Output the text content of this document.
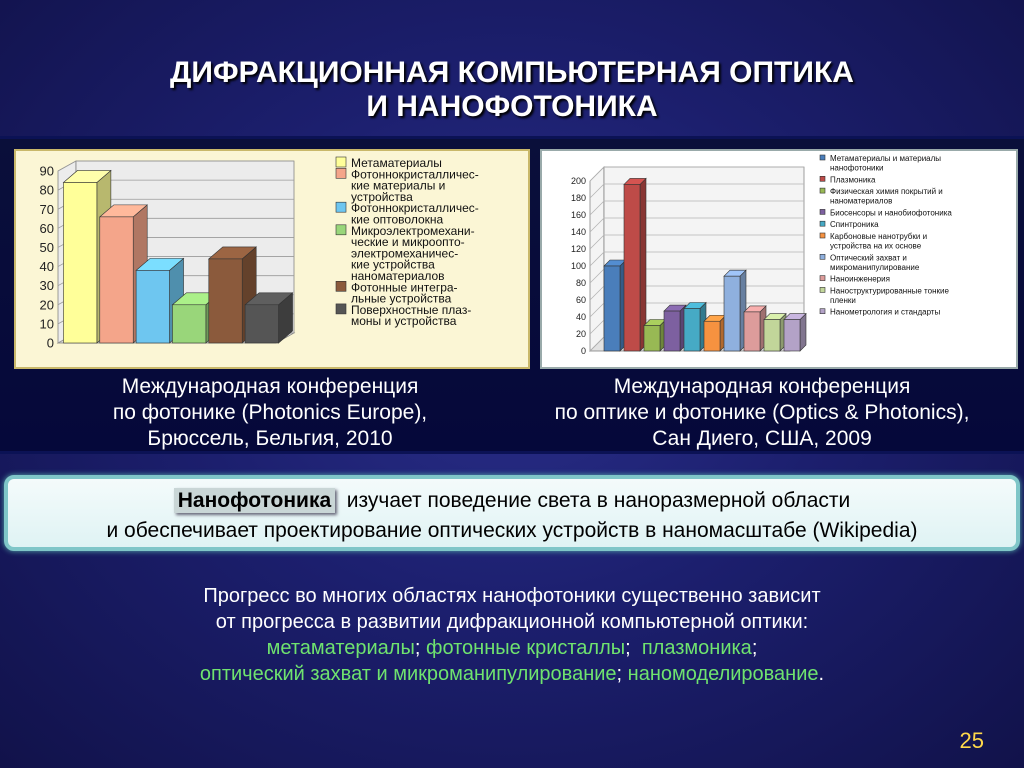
ДИФРАКЦИОННАЯ КОМПЬЮТЕРНАЯ ОПТИКА
И НАНОФОТОНИКА
0
10
20
30
40
50
60
70
80
90
Метаматериалы
Фотоннокристалличес-
кие материалы и
устройства
Фотоннокристалличес-
кие оптоволокна
Микроэлектромехани-
ческие и микроопто-
электромеханичес-
кие устройства
наноматериалов
Фотонные интегра-
льные устройства
Поверхностные плаз-
моны и устройства
0
20
40
60
80
100
120
140
160
180
200
Метаматериалы и материалы
нанофотоники
Плазмоника
Физическая химия покрытий и
наноматериалов
Биосенсоры и нанобиофотоника
Спинтроника
Карбоновые нанотрубки и
устройства на их основе
Оптический захват и
микроманипулирование
Наноинженерия
Наноструктурированные тонкие
пленки
Нанометрология и стандарты
Международная конференция
по фотонике (Photonics Europe),
Брюссель, Бельгия, 2010
Международная конференция
по оптике и фотонике (Optics & Photonics),
Сан Диего, США, 2009
Нанофотоника  изучает поведение света в наноразмерной области
и обеспечивает проектирование оптических устройств в наномасштабе (Wikipedia)
Прогресс во многих областях нанофотоники существенно зависит
от прогресса в развитии дифракционной компьютерной оптики:
метаматериалы; фотонные кристаллы;  плазмоника;
оптический захват и микроманипулирование; наномоделирование.
25
